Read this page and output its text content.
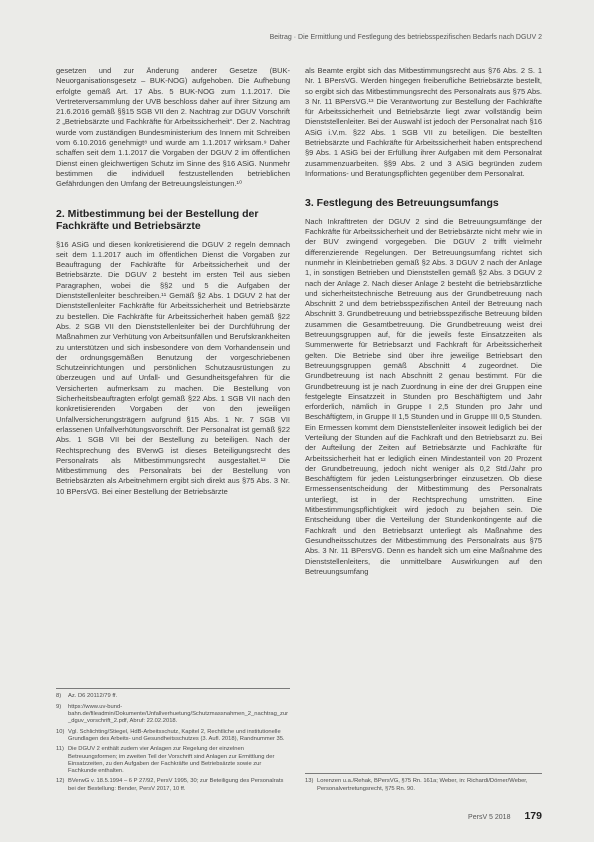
Beitrag · Die Ermittlung und Festlegung des betriebsspezifischen Bedarfs nach DGUV 2

gesetzen und zur Änderung anderer Gesetze (BUK-Neuorganisationsgesetz – BUK-NOG) aufgehoben. Die Aufhebung erfolgte gemäß Art. 17 Abs. 5 BUK-NOG zum 1.1.2017. Die Vertreterversammlung der UVB beschloss daher auf ihrer Sitzung am 21.6.2016 gemäß §§15 SGB VII den 2. Nachtrag zur DGUV Vorschrift 2 „Betriebsärzte und Fachkräfte für Arbeitssicherheit“. Der 2. Nachtrag wurde vom zuständigen Bundesministerium des Innern mit Schreiben vom 6.10.2016 genehmigt⁸ und wurde am 1.1.2017 wirksam.⁹ Daher schaffen seit dem 1.1.2017 die Vorgaben der DGUV 2 im öffentlichen Dienst einen gleichwertigen Schutz im Sinne des §16 ASiG. Nunmehr bestimmen die individuell festzustellenden betrieblichen Gefährdungen den Umfang der Betreuungsleistungen.¹⁰

2. Mitbestimmung bei der Bestellung der Fachkräfte und Betriebsärzte

§16 ASiG und diesen konkretisierend die DGUV 2 regeln demnach seit dem 1.1.2017 auch im öffentlichen Dienst die Vorgaben zur Beauftragung der Fachkräfte für Arbeitssicherheit und der Betriebsärzte. Die DGUV 2 besteht im ersten Teil aus sieben Paragraphen, wobei die §§2 und 5 die Aufgaben der Dienststellenleiter beschreiben.¹¹ Gemäß §2 Abs. 1 DGUV 2 hat der Dienststellenleiter Fachkräfte für Arbeitssicherheit und Betriebsärzte zu bestellen. Die Fachkräfte für Arbeitssicherheit haben gemäß §22 Abs. 2 SGB VII den Dienststellenleiter bei der Durchführung der Maßnahmen zur Verhütung von Arbeitsunfällen und Berufskrankheiten zu unterstützen und sich insbesondere von dem Vorhandensein und der ordnungsgemäßen Benutzung der vorgeschriebenen Schutzeinrichtungen und persönlichen Schutzausrüstungen zu überzeugen und auf Unfall- und Gesundheitsgefahren für die Versicherten aufmerksam zu machen. Die Bestellung von Sicherheitsbeauftragten erfolgt gemäß §22 Abs. 1 SGB VII nach den konkretisierenden Vorgaben der von den jeweiligen Unfallversicherungsträgern aufgrund §15 Abs. 1 Nr. 7 SGB VII erlassenen Unfallverhütungsvorschrift. Der Personalrat ist gemäß §22 Abs. 1 SGB VII bei der Bestellung zu beteiligen. Nach der Rechtsprechung des BVerwG ist dieses Beteiligungsrecht des Personalrats als Mitbestimmungsrecht ausgestaltet.¹² Die Mitbestimmung des Personalrats bei der Bestellung von Betriebsärzten als Arbeitnehmern ergibt sich direkt aus §75 Abs. 3 Nr. 10 BPersVG. Bei einer Bestellung der Betriebsärzte

8)	Az. D6 20112/79 ff.
9)	https://www.uv-bund-bahn.de/fileadmin/Dokumente/Unfallverhuetung/Schutzmassnahmen_2_nachtrag_zur_dguv_vorschrift_2.pdf, Abruf: 22.02.2018.
10) Vgl. Schlichting/Stiegel, HdB-Arbeitsschutz, Kapitel 2, Rechtliche und institutionelle Grundlagen des Arbeits- und Gesundheitsschutzes (3. Aufl. 2018), Randnummer 35.
11) Die DGUV 2 enthält zudem vier Anlagen zur Regelung der einzelnen Betreuungsformen; im zweiten Teil der Vorschrift sind Anlagen zur Ermittlung der Einsatzzeiten, zu den Aufgaben der Fachkräfte und Betriebsärzte sowie zur Fachkunde enthalten.
12) BVerwG v. 18.5.1994 – 6 P 27/92, PersV 1995, 30; zur Beteiligung des Personalrats bei der Bestellung: Bender, PersV 2017, 10 ff.

als Beamte ergibt sich das Mitbestimmungsrecht aus §76 Abs. 2 S. 1 Nr. 1 BPersVG. Werden hingegen freiberufliche Betriebsärzte bestellt, so ergibt sich das Mitbestimmungsrecht des Personalrats aus §75 Abs. 3 Nr. 11 BPersVG.¹³ Die Verantwortung zur Bestellung der Fachkräfte für Arbeitssicherheit und Betriebsärzte liegt zwar vollständig beim Dienststellenleiter. Bei der Auswahl ist jedoch der Personalrat nach §16 ASiG i.V.m. §22 Abs. 1 SGB VII zu beteiligen. Die bestellten Betriebsärzte und Fachkräfte für Arbeitssicherheit haben entsprechend §9 Abs. 1 ASiG bei der Erfüllung ihrer Aufgaben mit dem Personalrat zusammenzuarbeiten. §§9 Abs. 2 und 3 ASiG begründen zudem Informations- und Beratungspflichten gegenüber dem Personalrat.

3. Festlegung des Betreuungsumfangs

Nach Inkrafttreten der DGUV 2 sind die Betreuungsumfänge der Fachkräfte für Arbeitssicherheit und der Betriebsärzte nicht mehr wie in der BUV zwingend vorgegeben. Die DGUV 2 trifft vielmehr differenzierende Regelungen. Der Betreuungsumfang richtet sich nunmehr in Kleinbetrieben gemäß §2 Abs. 3 DGUV 2 nach der Anlage 1, in sonstigen Betrieben und Dienststellen gemäß §2 Abs. 3 DGUV 2 nach der Anlage 2. Nach dieser Anlage 2 besteht die betriebsärztliche und sicherheitstechnische Betreuung aus der Grundbetreuung nach Abschnitt 2 und dem betriebsspezifischen Anteil der Betreuung nach Abschnitt 3. Grundbetreuung und betriebsspezifische Betreuung bilden zusammen die Gesamtbetreuung. Die Grundbetreuung weist drei Betreuungsgruppen auf, für die jeweils feste Einsatzzeiten als Summenwerte für Betriebsarzt und Fachkraft für Arbeitssicherheit gelten. Die Betriebe sind über ihre jeweilige Betriebsart den Betreuungsgruppen gemäß Abschnitt 4 zugeordnet. Die Grundbetreuung ist nach Abschnitt 2 genau bestimmt. Für die Grundbetreuung ist je nach Zuordnung in eine der drei Gruppen eine festgelegte Einsatzzeit in Stunden pro Beschäftigtem und Jahr erforderlich, nämlich in Gruppe I 2,5 Stunden pro Jahr und Beschäftigtem, in Gruppe II 1,5 Stunden und in Gruppe III 0,5 Stunden. Ein Ermessen kommt dem Dienststellenleiter insoweit lediglich bei der Verteilung der Stunden auf die Fachkraft und den Betriebsarzt zu. Bei der Aufteilung der Zeiten auf Betriebsärzte und Fachkräfte für Arbeitssicherheit hat er lediglich einen Mindestanteil von 20 Prozent der Grundbetreuung, jedoch nicht weniger als 0,2 Std./Jahr pro Beschäftigtem für jeden Leistungserbringer einzusetzen. Ob diese Ermessensentscheidung der Mitbestimmung des Personalrats unterliegt, ist in der Rechtsprechung umstritten. Eine Mitbestimmungspflichtigkeit wird jedoch zu bejahen sein. Die Entscheidung über die Verteilung der Stundenkontingente auf die Fachkraft und den Betriebsarzt unterliegt als Maßnahme des Gesundheitsschutzes der Mitbestimmung des Personalrats aus §75 Abs. 3 Nr. 11 BPersVG. Denn es handelt sich um eine Maßnahme des Dienststellenleiters, die unmittelbare Auswirkungen auf den Betreuungsumfang

13) Lorenzen u.a./Rehak, BPersVG, §75 Rn. 161a; Weber, in: Richardi/Dörner/Weber, Personalvertretungsrecht, §75 Rn. 90.
PersV 5 2018 179
